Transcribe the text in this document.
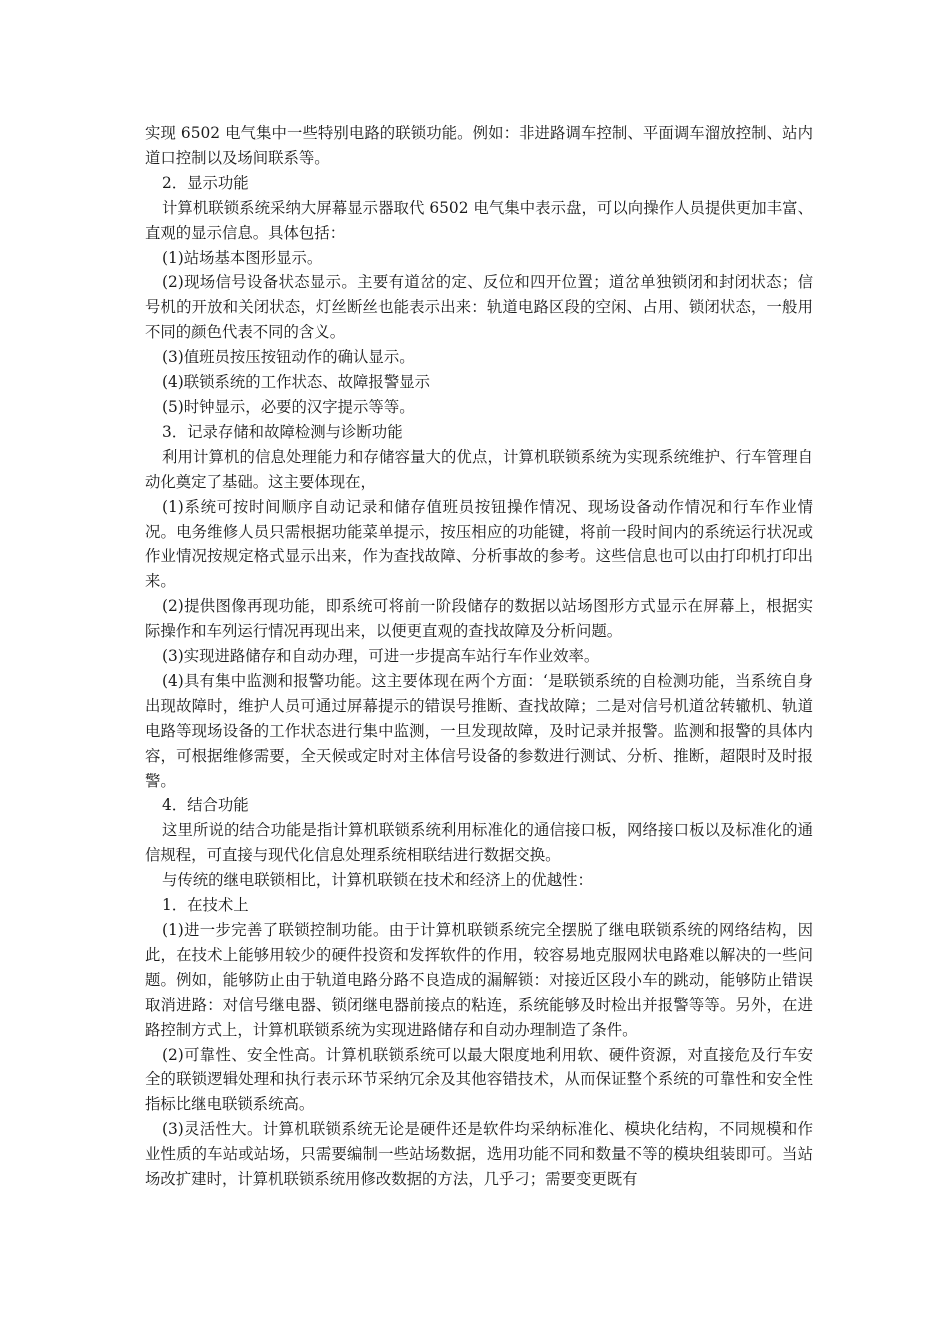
实现 6502 电气集中一些特别电路的联锁功能。例如：非进路调车控制、平面调车溜放控制、站内道口控制以及场间联系等。

2．显示功能

计算机联锁系统采纳大屏幕显示器取代 6502 电气集中表示盘，可以向操作人员提供更加丰富、直观的显示信息。具体包括：

(1)站场基本图形显示。

(2)现场信号设备状态显示。主要有道岔的定、反位和四开位置；道岔单独锁闭和封闭状态；信号机的开放和关闭状态，灯丝断丝也能表示出来：轨道电路区段的空闲、占用、锁闭状态，一般用不同的颜色代表不同的含义。

(3)值班员按压按钮动作的确认显示。

(4)联锁系统的工作状态、故障报警显示

(5)时钟显示，必要的汉字提示等等。

3．记录存储和故障检测与诊断功能

利用计算机的信息处理能力和存储容量大的优点，计算机联锁系统为实现系统维护、行车管理自动化奠定了基础。这主要体现在，

(1)系统可按时间顺序自动记录和储存值班员按钮操作情况、现场设备动作情况和行车作业情况。电务维修人员只需根据功能菜单提示，按压相应的功能键，将前一段时间内的系统运行状况或作业情况按规定格式显示出来，作为查找故障、分析事故的参考。这些信息也可以由打印机打印出来。

(2)提供图像再现功能，即系统可将前一阶段储存的数据以站场图形方式显示在屏幕上，根据实际操作和车列运行情况再现出来，以便更直观的查找故障及分析问题。

(3)实现进路储存和自动办理，可进一步提高车站行车作业效率。

(4)具有集中监测和报警功能。这主要体现在两个方面：‘是联锁系统的自检测功能，当系统自身出现故障时，维护人员可通过屏幕提示的错误号推断、查找故障；二是对信号机道岔转辙机、轨道电路等现场设备的工作状态进行集中监测，一旦发现故障，及时记录并报警。监测和报警的具体内容，可根据维修需要，全天候或定时对主体信号设备的参数进行测试、分析、推断，超限时及时报警。

4．结合功能

这里所说的结合功能是指计算机联锁系统利用标准化的通信接口板，网络接口板以及标准化的通信规程，可直接与现代化信息处理系统相联结进行数据交换。

与传统的继电联锁相比，计算机联锁在技术和经济上的优越性：

1．在技术上

(1)进一步完善了联锁控制功能。由于计算机联锁系统完全摆脱了继电联锁系统的网络结构，因此，在技术上能够用较少的硬件投资和发挥软件的作用，较容易地克服网状电路难以解决的一些问题。例如，能够防止由于轨道电路分路不良造成的漏解锁：对接近区段小车的跳动，能够防止错误取消进路：对信号继电器、锁闭继电器前接点的粘连，系统能够及时检出并报警等等。另外，在进路控制方式上，计算机联锁系统为实现进路储存和自动办理制造了条件。

(2)可靠性、安全性高。计算机联锁系统可以最大限度地利用软、硬件资源，对直接危及行车安全的联锁逻辑处理和执行表示环节采纳冗余及其他容错技术，从而保证整个系统的可靠性和安全性指标比继电联锁系统高。

(3)灵活性大。计算机联锁系统无论是硬件还是软件均采纳标准化、模块化结构，不同规模和作业性质的车站或站场，只需要编制一些站场数据，选用功能不同和数量不等的模块组装即可。当站场改扩建时，计算机联锁系统用修改数据的方法，几乎刁；需要变更既有
